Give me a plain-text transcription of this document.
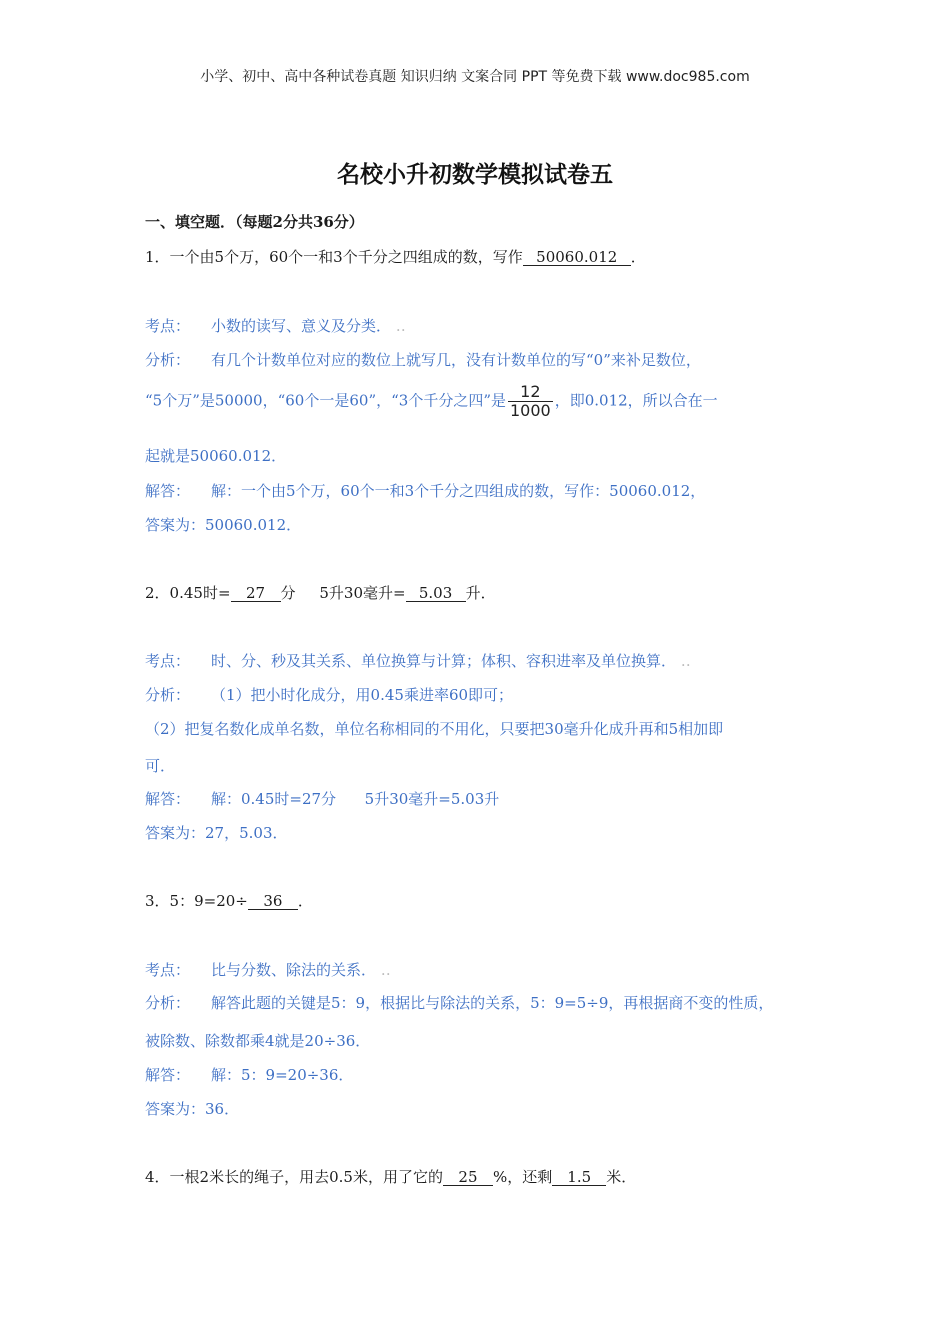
小学、初中、高中各种试卷真题 知识归纳 文案合同 PPT 等免费下载 www.doc985.com
名校小升初数学模拟试卷五
一、填空题．（每题2分共36分）
1．一个由5个万，60个一和3个千分之四组成的数，写作 50060.012 ．
考点： 小数的读写、意义及分类． ‥
分析： 有几个计数单位对应的数位上就写几，没有计数单位的写“0”来补足数位，
“5个万”是50000，“60个一是60”，“3个千分之四”是 $\frac{12}{1000}$ ，即0.012，所以合在一
起就是50060.012．
解答： 解：一个由5个万，60个一和3个千分之四组成的数，写作：50060.012，
答案为：50060.012．
2．0.45时= 27 分     5升30毫升= 5.03 升．
考点： 时、分、秒及其关系、单位换算与计算；体积、容积进率及单位换算． ‥
分析： （1）把小时化成分，用0.45乘进率60即可；
（2）把复名数化成单名数，单位名称相同的不用化，只要把30毫升化成升再和5相加即
可．
解答： 解：0.45时=27分      5升30毫升=5.03升
答案为：27，5.03．
3．5：9=20÷ 36 ．
考点： 比与分数、除法的关系． ‥
分析： 解答此题的关键是5：9，根据比与除法的关系，5：9=5÷9，再根据商不变的性质，
被除数、除数都乘4就是20÷36．
解答： 解：5：9=20÷36．
答案为：36．
4．一根2米长的绳子，用去0.5米，用了它的 25 %，还剩 1.5 米．
